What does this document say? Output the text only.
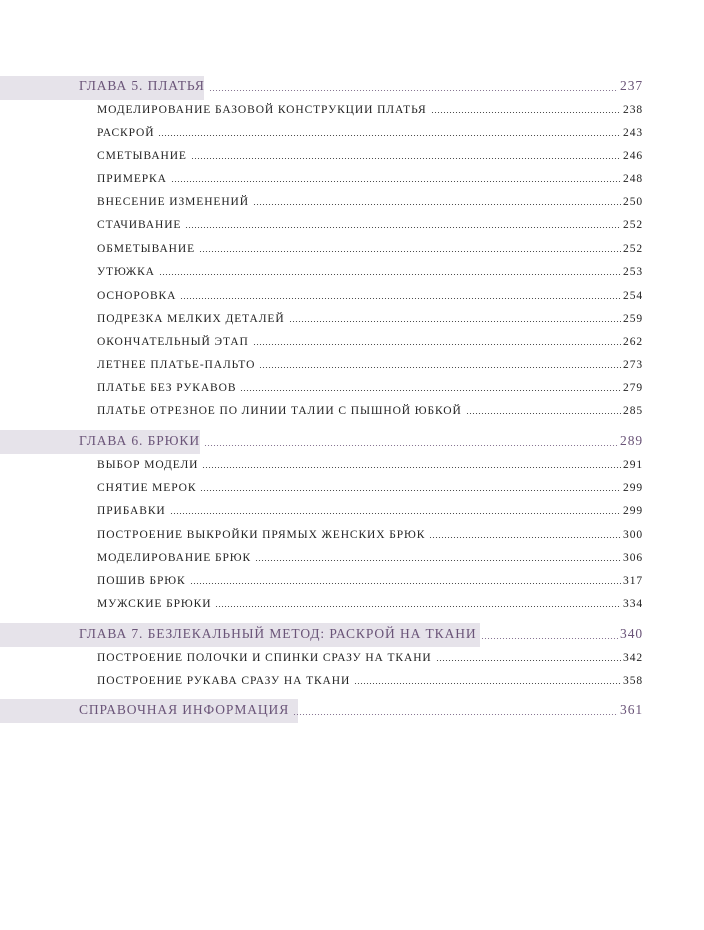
ГЛАВА 5. ПЛАТЬЯ	237
МОДЕЛИРОВАНИЕ БАЗОВОЙ КОНСТРУКЦИИ ПЛАТЬЯ	238
РАСКРОЙ	243
СМЕТЫВАНИЕ	246
ПРИМЕРКА	248
ВНЕСЕНИЕ ИЗМЕНЕНИЙ	250
СТАЧИВАНИЕ	252
ОБМЕТЫВАНИЕ	252
УТЮЖКА	253
ОСНОРОВКА	254
ПОДРЕЗКА МЕЛКИХ ДЕТАЛЕЙ	259
ОКОНЧАТЕЛЬНЫЙ ЭТАП	262
ЛЕТНЕЕ ПЛАТЬЕ-ПАЛЬТО	273
ПЛАТЬЕ БЕЗ РУКАВОВ	279
ПЛАТЬЕ ОТРЕЗНОЕ ПО ЛИНИИ ТАЛИИ С ПЫШНОЙ ЮБКОЙ	285
ГЛАВА 6. БРЮКИ	289
ВЫБОР МОДЕЛИ	291
СНЯТИЕ МЕРОК	299
ПРИБАВКИ	299
ПОСТРОЕНИЕ ВЫКРОЙКИ ПРЯМЫХ ЖЕНСКИХ БРЮК	300
МОДЕЛИРОВАНИЕ БРЮК	306
ПОШИВ БРЮК	317
МУЖСКИЕ БРЮКИ	334
ГЛАВА 7. БЕЗЛЕКАЛЬНЫЙ МЕТОД: РАСКРОЙ НА ТКАНИ	340
ПОСТРОЕНИЕ ПОЛОЧКИ И СПИНКИ СРАЗУ НА ТКАНИ	342
ПОСТРОЕНИЕ РУКАВА СРАЗУ НА ТКАНИ	358
СПРАВОЧНАЯ ИНФОРМАЦИЯ	361
